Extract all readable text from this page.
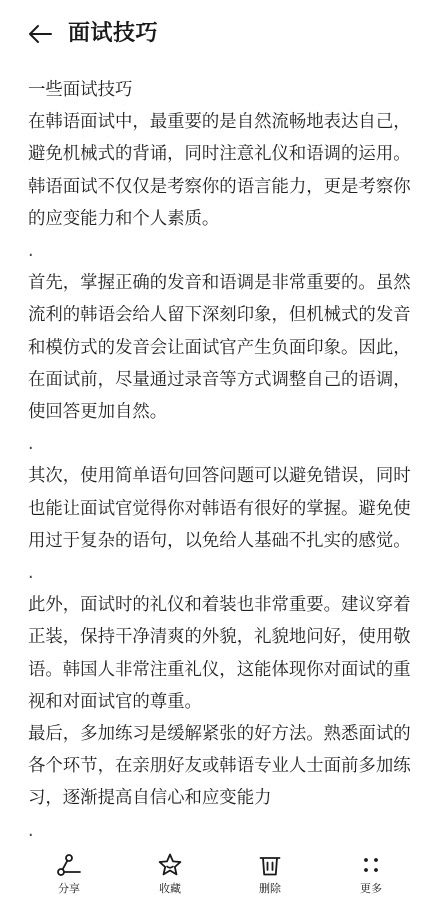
面试技巧

一些面试技巧

在韩语面试中，最重要的是自然流畅地表达自己，避免机械式的背诵，同时注意礼仪和语调的运用。 韩语面试不仅仅是考察你的语言能力，更是考察你的应变能力和个人素质。

.

首先，掌握正确的发音和语调是非常重要的。虽然流利的韩语会给人留下深刻印象，但机械式的发音和模仿式的发音会让面试官产生负面印象。因此，在面试前，尽量通过录音等方式调整自己的语调，使回答更加自然。

.

其次，使用简单语句回答问题可以避免错误，同时也能让面试官觉得你对韩语有很好的掌握。避免使用过于复杂的语句，以免给人基础不扎实的感觉。

.

此外，面试时的礼仪和着装也非常重要。建议穿着正装，保持干净清爽的外貌，礼貌地问好，使用敬语。韩国人非常注重礼仪，这能体现你对面试的重视和对面试官的尊重。

最后，多加练习是缓解紧张的好方法。熟悉面试的各个环节，在亲朋好友或韩语专业人士面前多加练习，逐渐提高自信心和应变能力

.

分享	收藏	删除	更多
